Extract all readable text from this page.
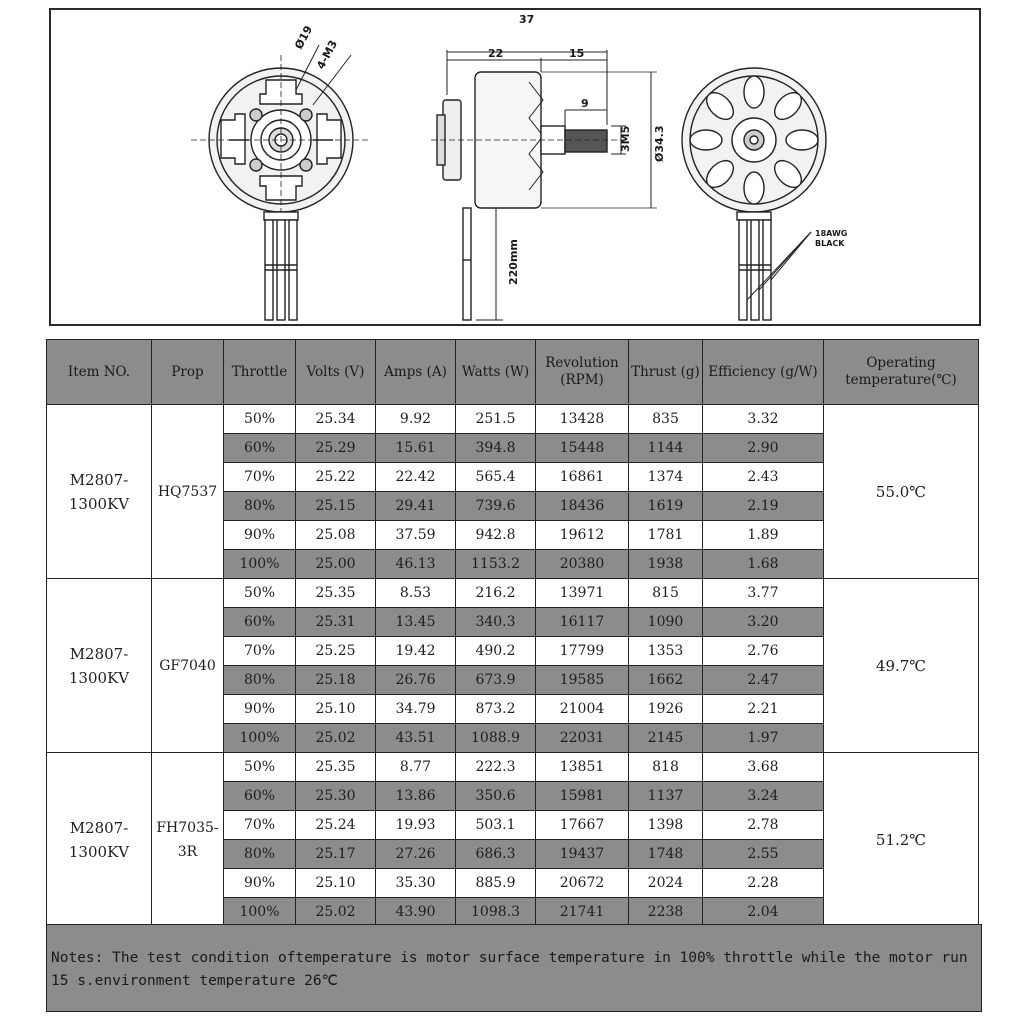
Ø19
4-M3
37
22	15
9
3M5 Ø34.3
220mm
18AWG
BLACK
Item NO.	Prop	Throttle	Volts (V)	Amps (A)	Watts (W)	Revolution (RPM)	Thrust (g)	Efficiency (g/W)	Operating temperature(℃)
M2807-1300KV	HQ7537	50%	25.34	9.92	251.5	13428	835	3.32	55.0℃
		60%	25.29	15.61	394.8	15448	1144	2.90	
		70%	25.22	22.42	565.4	16861	1374	2.43	
		80%	25.15	29.41	739.6	18436	1619	2.19	
		90%	25.08	37.59	942.8	19612	1781	1.89	
		100%	25.00	46.13	1153.2	20380	1938	1.68	
M2807-1300KV	GF7040	50%	25.35	8.53	216.2	13971	815	3.77	49.7℃
		60%	25.31	13.45	340.3	16117	1090	3.20	
		70%	25.25	19.42	490.2	17799	1353	2.76	
		80%	25.18	26.76	673.9	19585	1662	2.47	
		90%	25.10	34.79	873.2	21004	1926	2.21	
		100%	25.02	43.51	1088.9	22031	2145	1.97	
M2807-1300KV	FH7035-3R	50%	25.35	8.77	222.3	13851	818	3.68	51.2℃
		60%	25.30	13.86	350.6	15981	1137	3.24	
		70%	25.24	19.93	503.1	17667	1398	2.78	
		80%	25.17	27.26	686.3	19437	1748	2.55	
		90%	25.10	35.30	885.9	20672	2024	2.28	
		100%	25.02	43.90	1098.3	21741	2238	2.04	
Notes: The test condition oftemperature is motor surface temperature in 100% throttle while the motor run 15 s.environment temperature 26℃
